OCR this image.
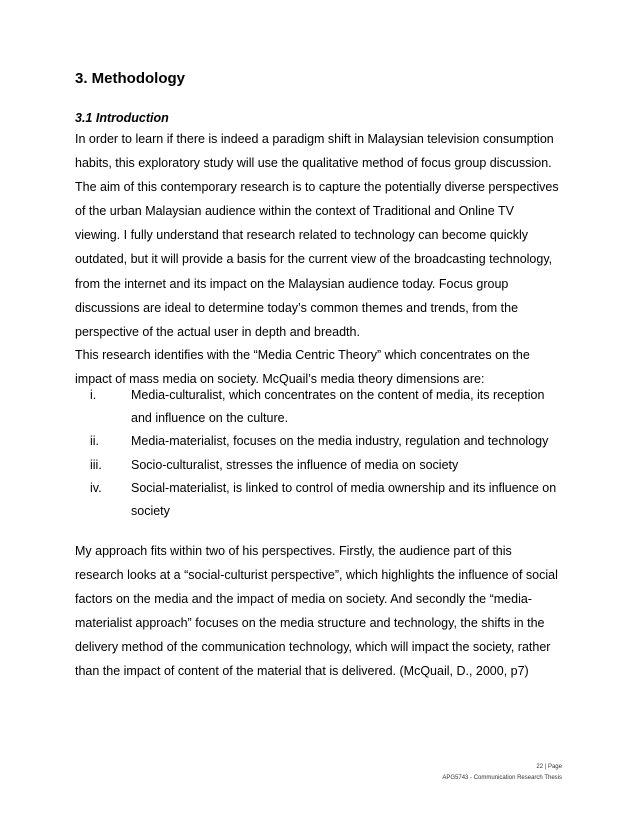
3. Methodology
3.1 Introduction

In order to learn if there is indeed a paradigm shift in Malaysian television consumption
habits, this exploratory study will use the qualitative method of focus group discussion.
The aim of this contemporary research is to capture the potentially diverse perspectives
of the urban Malaysian audience within the context of Traditional and Online TV
viewing. I fully understand that research related to technology can become quickly
outdated, but it will provide a basis for the current view of the broadcasting technology,
from the internet and its impact on the Malaysian audience today. Focus group
discussions are ideal to determine today’s common themes and trends, from the
perspective of the actual user in depth and breadth.

This research identifies with the “Media Centric Theory” which concentrates on the
impact of mass media on society. McQuail’s media theory dimensions are:

i.	Media-culturalist, which concentrates on the content of media, its reception
and influence on the culture.
ii.	Media-materialist, focuses on the media industry, regulation and technology
iii. Socio-culturalist, stresses the influence of media on society
iv. Social-materialist, is linked to control of media ownership and its influence on
society

My approach fits within two of his perspectives. Firstly, the audience part of this
research looks at a “social-culturist perspective”, which highlights the influence of social
factors on the media and the impact of media on society. And secondly the “media-
materialist approach” focuses on the media structure and technology, the shifts in the
delivery method of the communication technology, which will impact the society, rather
than the impact of content of the material that is delivered. (McQuail, D., 2000, p7)

22 | Page
APG5743 - Communication Research Thesis
